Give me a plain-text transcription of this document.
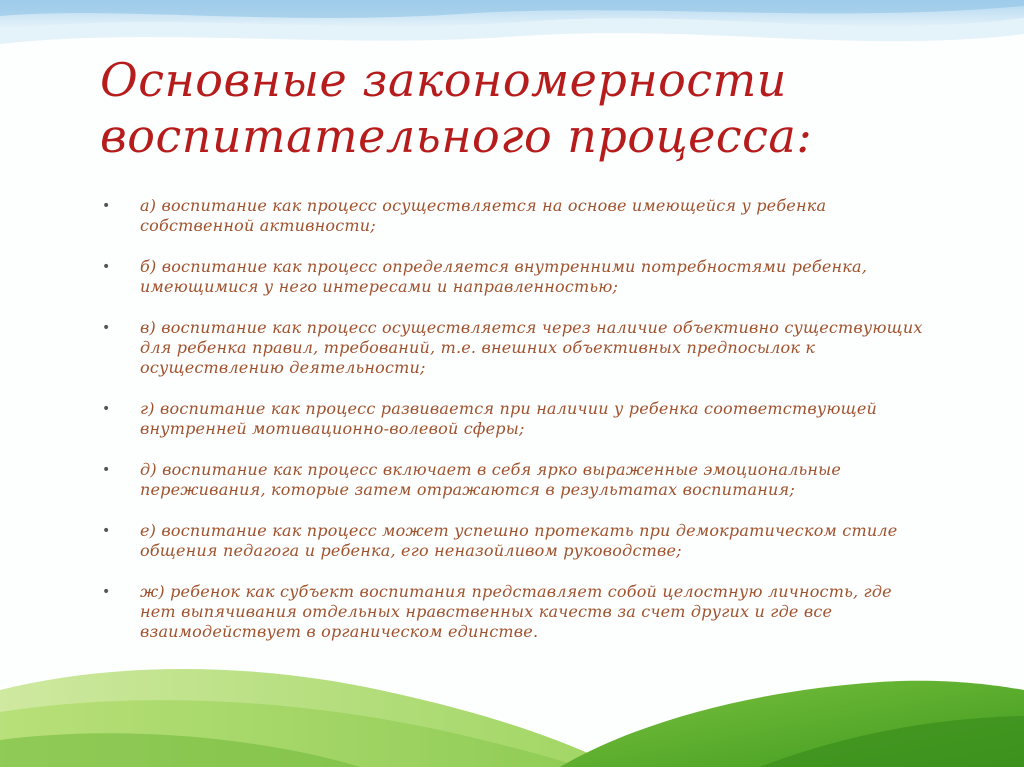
Основные закономерности
воспитательного процесса:
•	а) воспитание как процесс осуществляется на основе имеющейся у ребенка собственной активности;
•	б) воспитание как процесс определяется внутренними потребностями ребенка, имеющимися у него интересами и направленностью;
•	в) воспитание как процесс осуществляется через наличие объективно существующих для ребенка правил, требований, т.е. внешних объективных предпосылок к осуществлению деятельности;
•	г) воспитание как процесс развивается при наличии у ребенка соответствующей внутренней мотивационно-волевой сферы;
•	д) воспитание как процесс включает в себя ярко выраженные эмоциональные переживания, которые затем отражаются в результатах воспитания;
•	е) воспитание как процесс может успешно протекать при демократическом стиле общения педагога и ребенка, его неназойливом руководстве;
•	ж) ребенок как субъект воспитания представляет собой целостную личность, где нет выпячивания отдельных нравственных качеств за счет других и где все взаимодействует в органическом единстве.
